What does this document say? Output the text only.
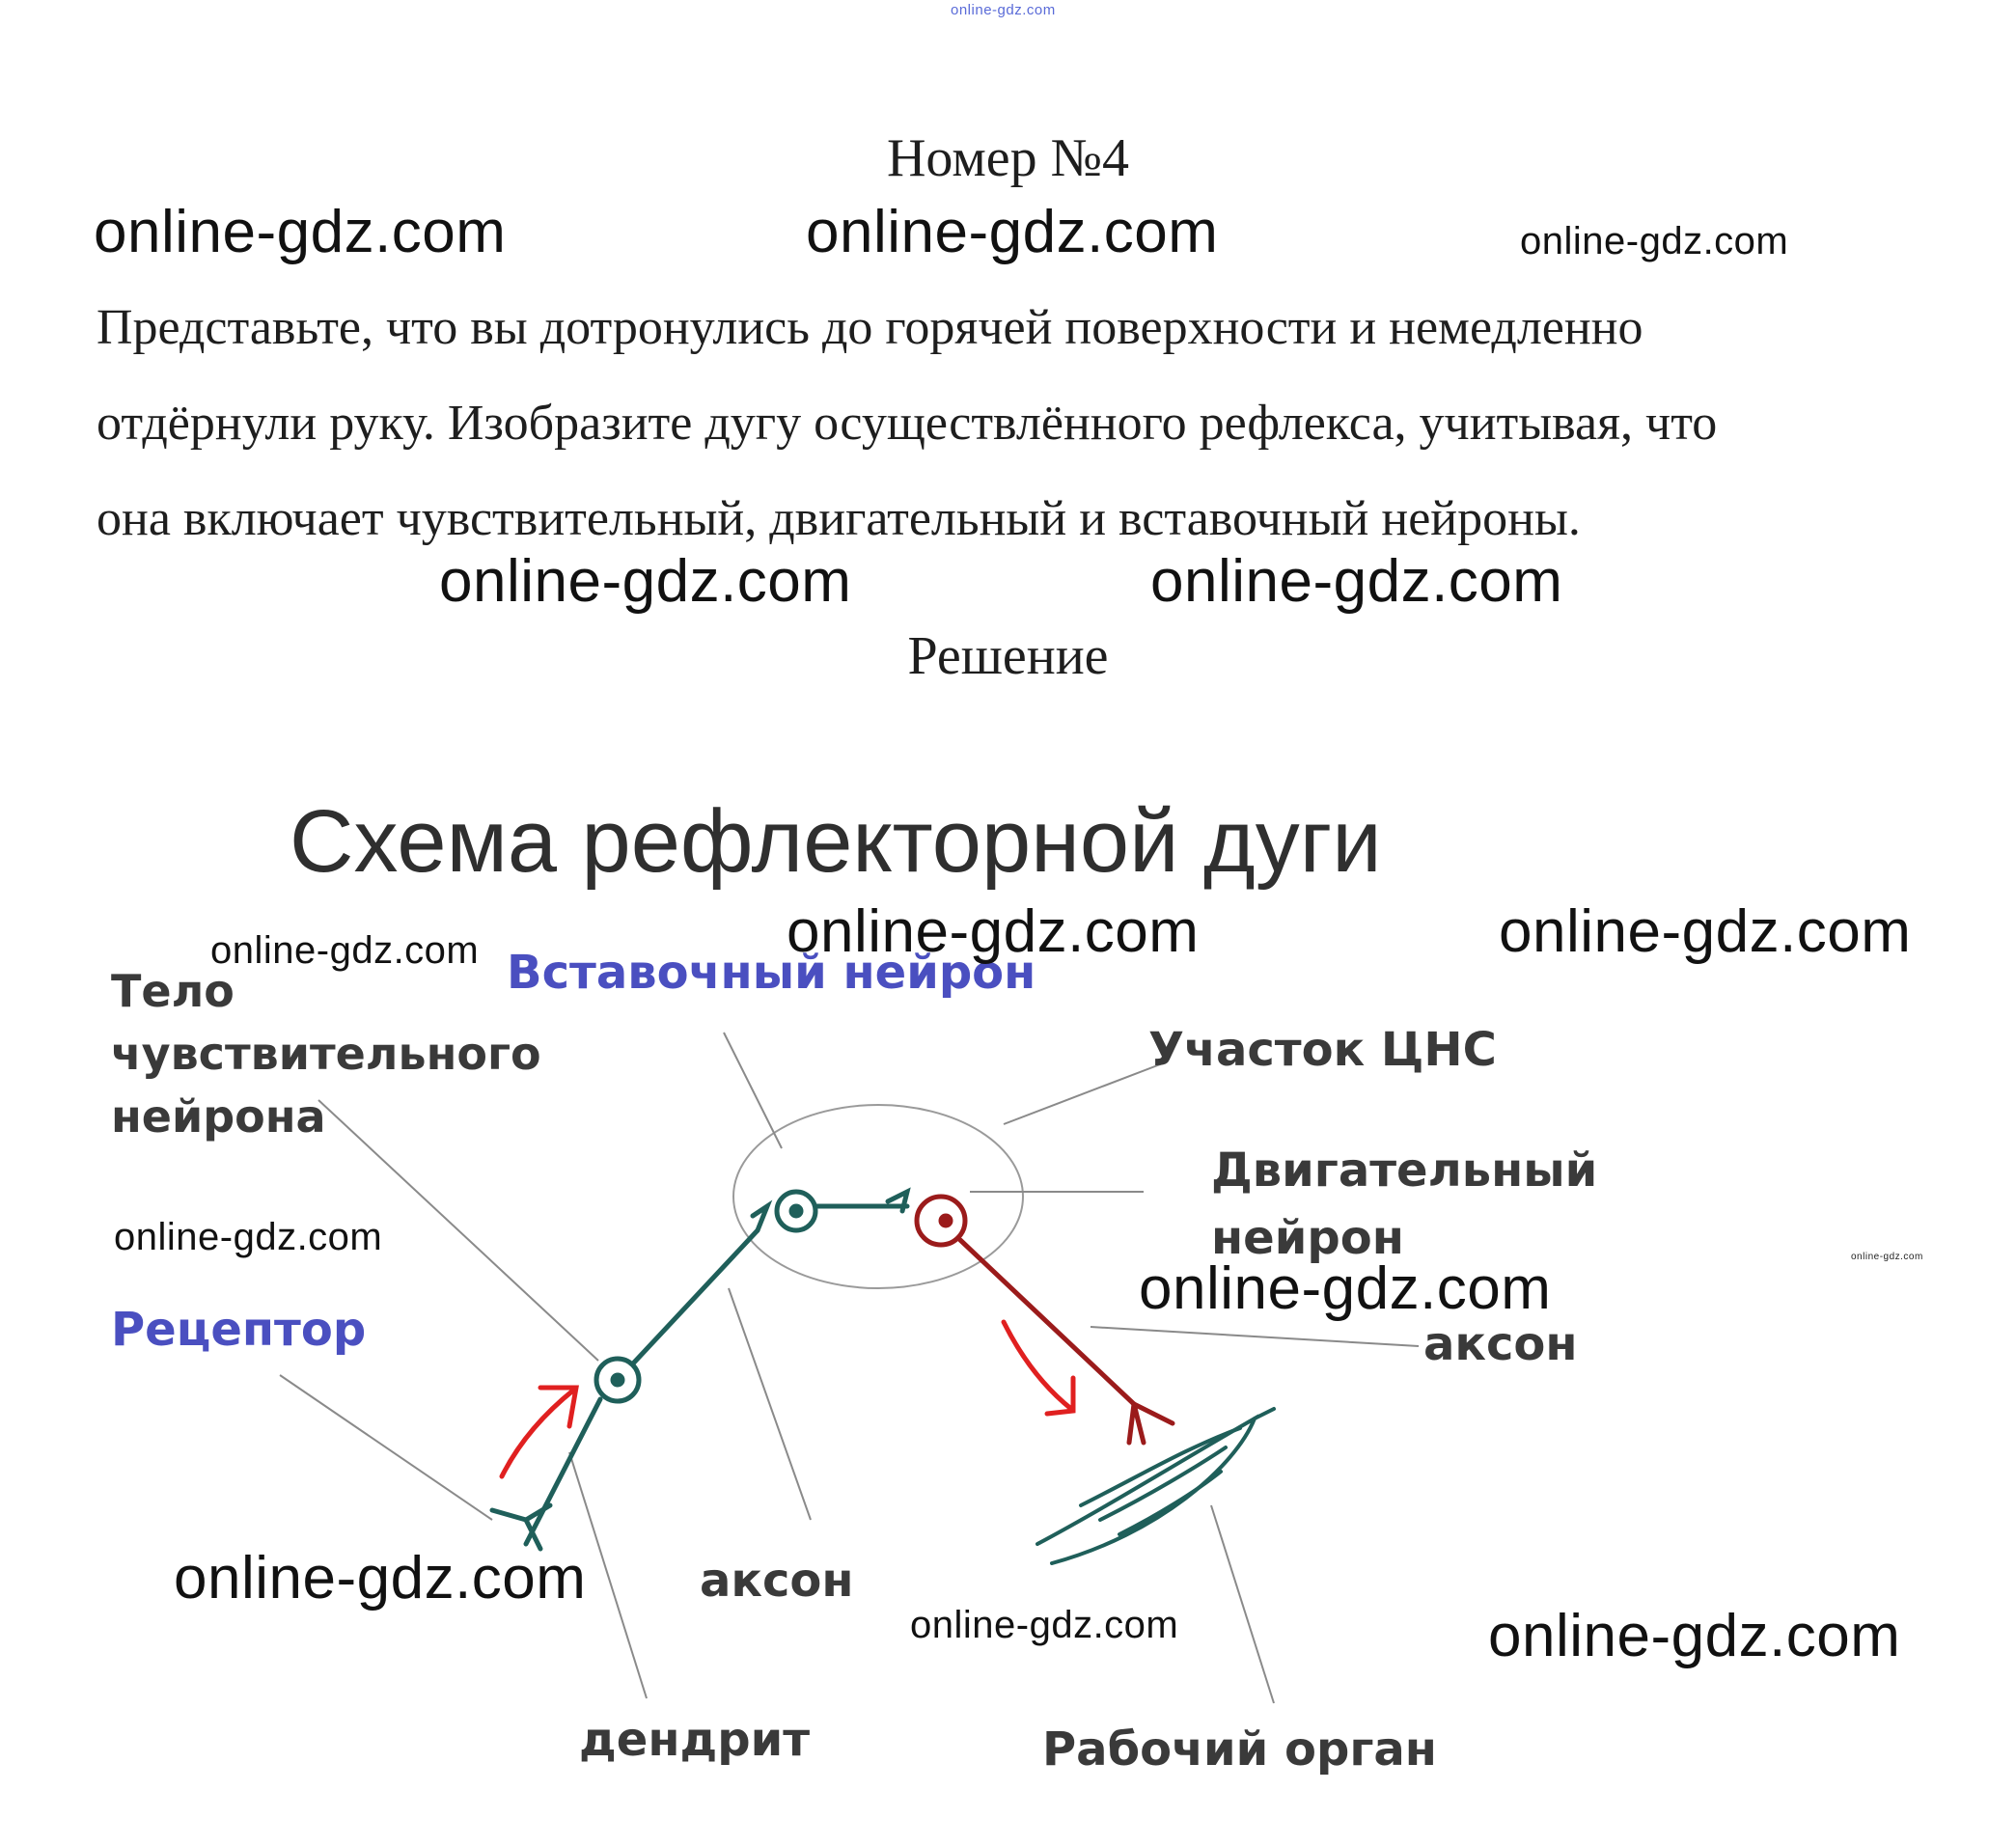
online-gdz.com
Номер №4
Представьте, что вы дотронулись до горячей поверхности и немедленно
отдёрнули руку. Изобразите дугу осуществлённого рефлекса, учитывая, что
она включает чувствительный, двигательный и вставочный нейроны.
Решение
Схема рефлекторной дуги
Тело
чувствительного
нейрона
Вставочный нейрон
Участок ЦНС
Двигательный
нейрон
Рецептор	аксон
аксон
дендрит	Рабочий орган
online-gdz.com	online-gdz.com	online-gdz.com
online-gdz.com	online-gdz.com
online-gdz.com	online-gdz.com
online-gdz.com
online-gdz.com	online-gdz.com
online-gdz.com
online-gdz.com
online-gdz.com	online-gdz.com
